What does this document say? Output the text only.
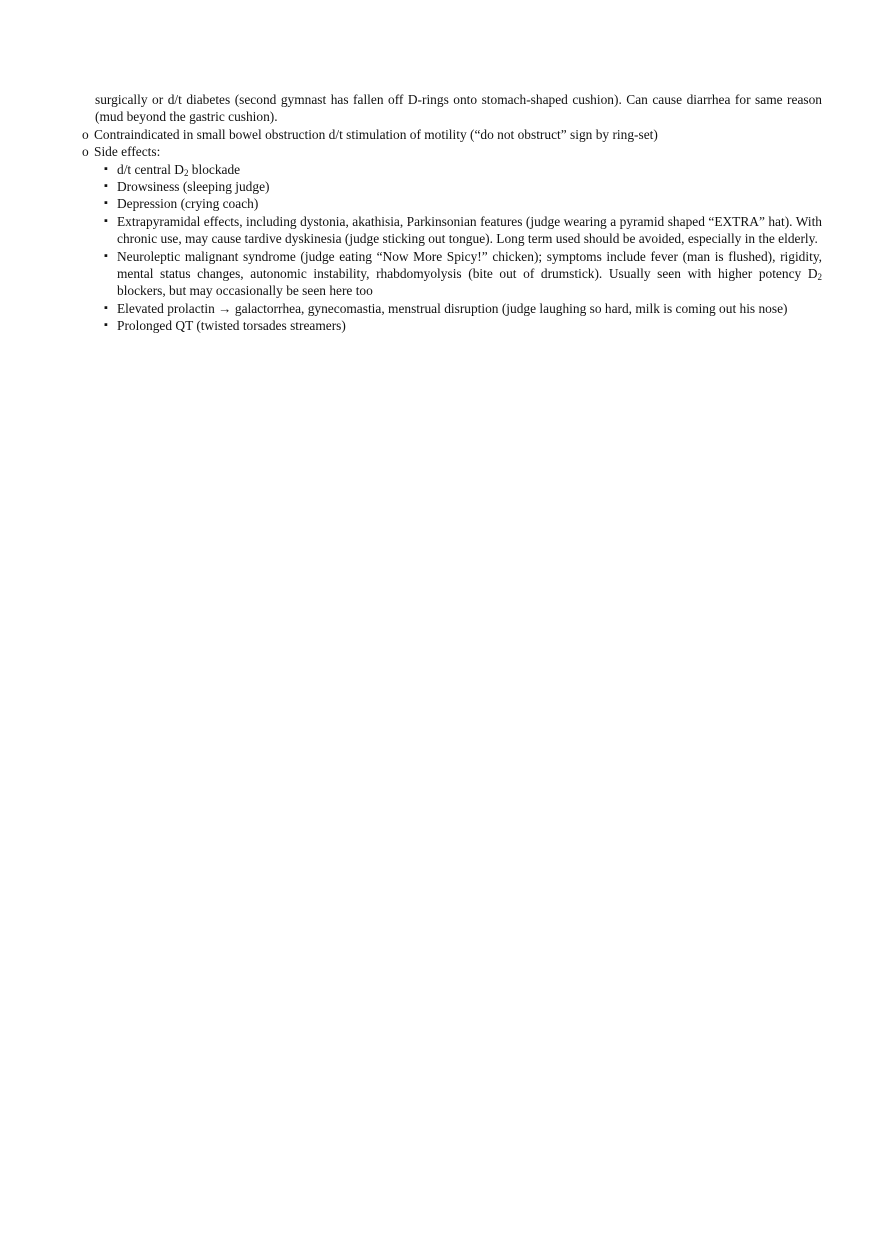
surgically or d/t diabetes (second gymnast has fallen off D-rings onto stomach-shaped cushion). Can cause diarrhea for same reason (mud beyond the gastric cushion).
o Contraindicated in small bowel obstruction d/t stimulation of motility (“do not obstruct” sign by ring-set)
o Side effects:
▪ d/t central $D_2$ blockade
▪ Drowsiness (sleeping judge)
▪ Depression (crying coach)
▪ Extrapyramidal effects, including dystonia, akathisia, Parkinsonian features (judge wearing a pyramid shaped “EXTRA” hat). With chronic use, may cause tardive dyskinesia (judge sticking out tongue). Long term used should be avoided, especially in the elderly.
▪ Neuroleptic malignant syndrome (judge eating “Now More Spicy!” chicken); symptoms include fever (man is flushed), rigidity, mental status changes, autonomic instability, rhabdomyolysis (bite out of drumstick). Usually seen with higher potency $D_2$ blockers, but may occasionally be seen here too
▪ Elevated prolactin → galactorrhea, gynecomastia, menstrual disruption (judge laughing so hard, milk is coming out his nose)
▪ Prolonged QT (twisted torsades streamers)
